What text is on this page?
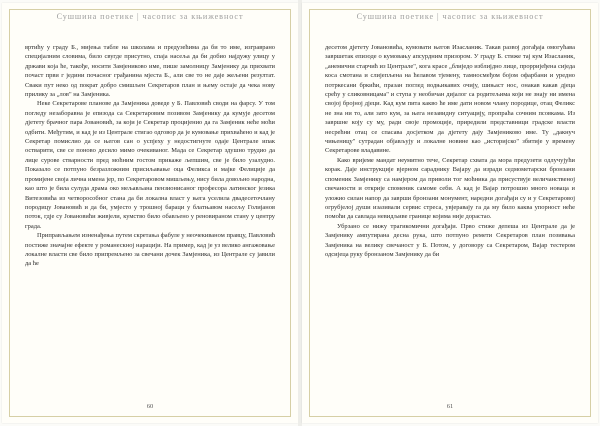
Сушшина поетике | часопис за књижевност

вртићу у граду Б., мијења табле на школама и предузећима да би то име, изграврано специјалним словима, било свугде присутно, спаја насеља да би добио најдужу улицу у држави која ће, такође, носити Замјениково име, пише замолницу Замјенику да прихвати почаст први г једини почасног грађанина мјеста Б., али све то не даје жељени резултат. Сваки пут неко од пократ добро смишљен Секретаров план и њему остаје да чека нову прилику за „лов" на Замјеника.

Неке Секретарове планове да Замјеника доведе у Б. Павловић своди на фарсу. У том погледу незаборавна је епизода са Секретаровим позивом Замјенику да кумује десетом дјетету брачног пара Јовановић, за који је Секретар процијенио да га Замјеник неће моћи одбити. Међутим, и кад је из Централе стигао одговор да је кумовање прихваћено и кад је Секретар помислио да се његов сан о успјеху у недостигнуте одаје Централе ипак остварити, све се поново десило мимо очекиваног. Мада се Секретар здушно трудио да лице сурове стварности пред моћним гостом прикаже љепшим, све је било узалудно. Показало се потпуно безразложним присиљавање оца Феликса и мајке Фелиције да промијене своја лична имена јер, по Секретаровом мишљењу, нису била довољно народна, као што је била сулуда драма око мељављана пензионисаног професора латинског језика Витезовића из четворособног стана да би локална власт у њега уселила двадесеточлану породицу Јовановић и да би, умјесто у трошној бараци у блатњавом насељу Голијанов поток, гдје су Јовановићи живјели, кумство било обављено у реновираном стану у центру града.

Приправљањем изненађења путем скретања фабуле у неочекиваном правцу, Павловић постиже значајне ефекте у романескној нарацији. На пример, кад је уз велико ангажовање локалне власти све било припремљено за свечани дочек Замјеника, из Централе су јавили да ће

60
Сушшина поетике | часопис за књижевност

десетом дјетету Јовановића, кумовати његов Изасланик. Такав развој догађаја омогућава завршетак епизоде о кумовању апсурдним призором. У граду Б. стиже тај кум Изасланик, „анемични старчић из Централе", кога красе „блиједо изблијдно лице, прорријеђена сиједа коса смотана и слијепљена на ћелавом тјемену, тамносмеђом бојом офарбани и уредно потркесани бркићи, празан поглед водњикавих очију, шињаст нос, онакав какав дјеца срећу у сликовницама" и ступа у необичан дијалог са родитељима који не знају ни имена својој бројној дјеци. Кад кум пита какво ће име дати новом члану породице, отац Феликс не зна ни то, али зато кум, за њега незавидну ситуацију, пропраћа сочним псовкама. Из завршне коју су му, ради своје промоције, приредили представници градске власти несрећни отац се спасава досјетком да дјетету дају Замјениково име. Ту „дакнуч чињеницу" сутрадан објављују и локалне новине као „историјско" збитије у времену Секретарове владавине.

Како вријеме мандат неумитно тече, Секретар схвата да мора предузети одлучујући корак. Даје инструкције вјерном сараднику Вајару да изради седмометарски бронзани споменик Замјенику са намјером да приволи тог моћника да присуствује величанственој свечаности и открије споменик самоме себи. А кад је Вајар потрошио много новаца и уложио силан напор да заврши бронзани монумент, наредни догађаји су и у Секретаровој огрубјелој души изазивали сервис стреса, увјеравају га да му било каква упорност неће помоћи да савлада невидљиве границе којима није дорастао.

Убрзано се нижу трагикомични догађаји. Прво стиже депеша из Централе да је Замјенику ампутирана десна рука, што потпуно ремети Секретаров план позивања Замјеника на велику свечаност у Б. Потом, у договору са Секретаром, Вајар тестером одсијеца руку бронзаном Замјенику да би

61
